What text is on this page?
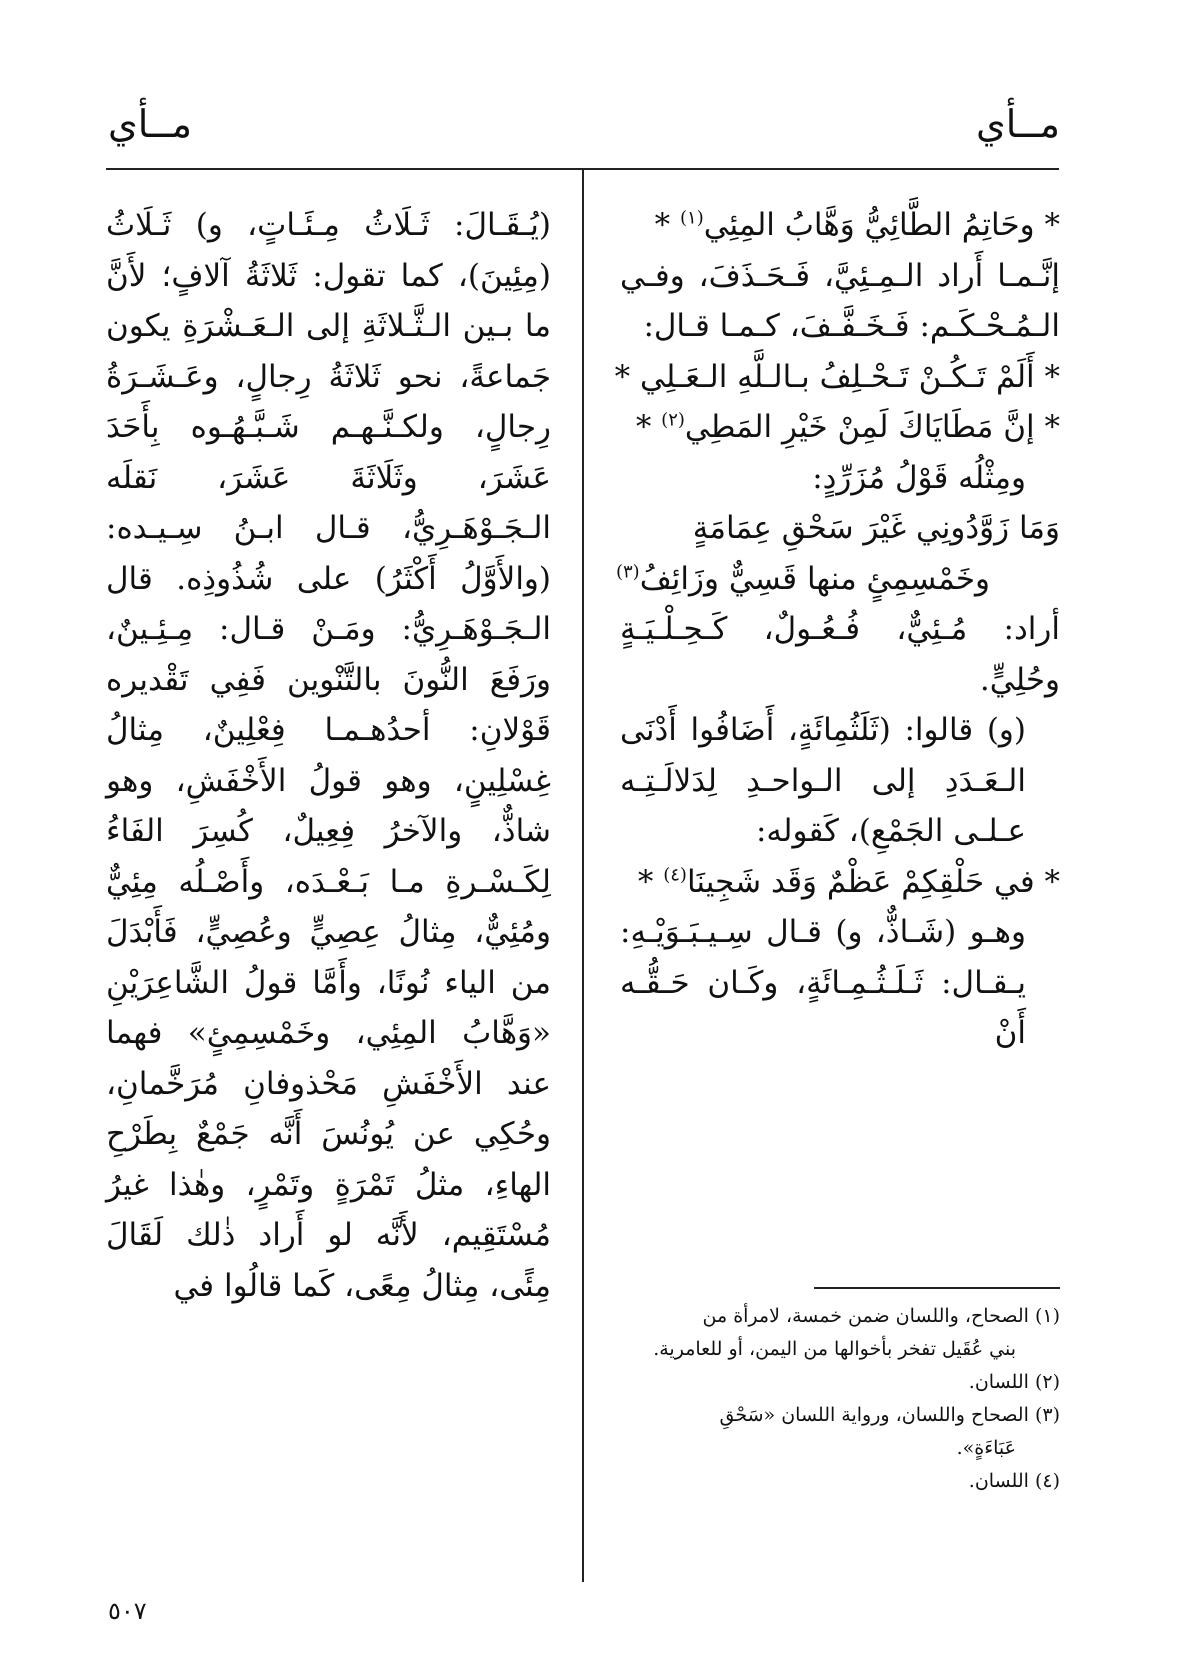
مــأي
مــأي
* وحَاتِمُ الطَّائِيُّ وَهَّابُ المِئِي$^{(١)}$ *

إنَّـمـا أَراد الـمِـئِيَّ، فَـحَـذَفَ، وفـي الـمُـحْـكَـم: فَـخَـفَّـفَ، كـمـا قـال:

* أَلَمْ تَـكُـنْ تَـحْـلِفُ بـالـلَّهِ الـعَـلِي *
* إنَّ مَطَايَاكَ لَمِنْ خَيْرِ المَطِي$^{(٢)}$ *

ومِثْلُه قَوْلُ مُزَرِّدٍ:

وَمَا زَوَّدُونِي غَيْرَ سَحْقِ عِمَامَةٍ
وخَمْسِمِئٍ منها قَسِيٌّ وزَائِفُ$^{(٣)}$

أراد: مُـئِيٌّ، فُـعُـولٌ، كَـحِـلْـيَـةٍ وحُلِيٍّ.

(و) قالوا: (ثَلَثُمِائَةٍ، أَضَافُوا أَدْنَى الـعَـدَدِ إلى الـواحـدِ لِدَلالَـتِـه عـلـى الجَمْعِ)، كَقوله:

* في حَلْقِكِمْ عَظْمٌ وَقَد شَجِينَا$^{(٤)}$ *

وهـو (شَـاذٌّ، و) قـال سِـيـبَـوَيْـهِ: يـقـال: ثَـلَـثُـمِـائَةٍ، وكَـان حَـقُّـه أَنْ

(١) الصحاح، واللسان ضمن خمسة، لامرأة من
بني عُقَيل تفخر بأخوالها من اليمن، أو للعامرية.
(٢) اللسان.
(٣) الصحاح واللسان، ورواية اللسان «سَحْقِ
عَبَاءَةٍ».
(٤) اللسان.

(يُـقَـالَ: ثَـلَاثُ مِـئَـاتٍ، و) ثَـلَاثُ (مِئِينَ)، كما تقول: ثَلاثَةُ آلافٍ؛ لأَنَّ ما بـين الـثَّـلاثَةِ إلى الـعَـشْرَةِ يكون جَماعةً، نحو ثَلاثَةُ رِجالٍ، وعَـشَـرَةُ رِجالٍ، ولكـنَّـهـم شَـبَّـهُـوه بِأَحَدَ عَشَرَ، وثَلَاثَةَ عَشَرَ، نَقلَه الـجَـوْهَـرِيُّ، قـال ابـنُ سِـيـده: (والأَوَّلُ أَكْثَرُ) على شُذُوذِه. قال الـجَـوْهَـرِيُّ: ومَـنْ قـال: مِـئِـينٌ، ورَفَعَ النُّونَ بالتَّنْوين فَفِي تَقْديره قَوْلانِ: أحدُهـمـا فِعْلِينٌ، مِثالُ غِسْلِينٍ، وهو قولُ الأَخْفَشِ، وهو شاذٌّ، والآخرُ فِعِيلٌ، كُسِرَ الفَاءُ لِكَـسْـرةِ مـا بَـعْـدَه، وأَصْـلُه مِئِيٌّ ومُئِيٌّ، مِثالُ عِصِيٍّ وعُصِيٍّ، فَأَبْدَلَ من الياء نُونًا، وأَمَّا قولُ الشَّاعِرَيْنِ «وَهَّابُ المِئِي، وخَمْسِمِئٍ» فهما عند الأَخْفَشِ مَحْذوفانِ مُرَخَّمانِ، وحُكِي عن يُونُسَ أَنَّه جَمْعٌ بِطَرْحِ الهاءِ، مثلُ تَمْرَةٍ وتَمْرٍ، وهٰذا غيرُ مُسْتَقِيم، لأَنَّه لو أَراد ذٰلك لَقَالَ مِئًى، مِثالُ مِعًى، كَما قالُوا في

٥٠٧
